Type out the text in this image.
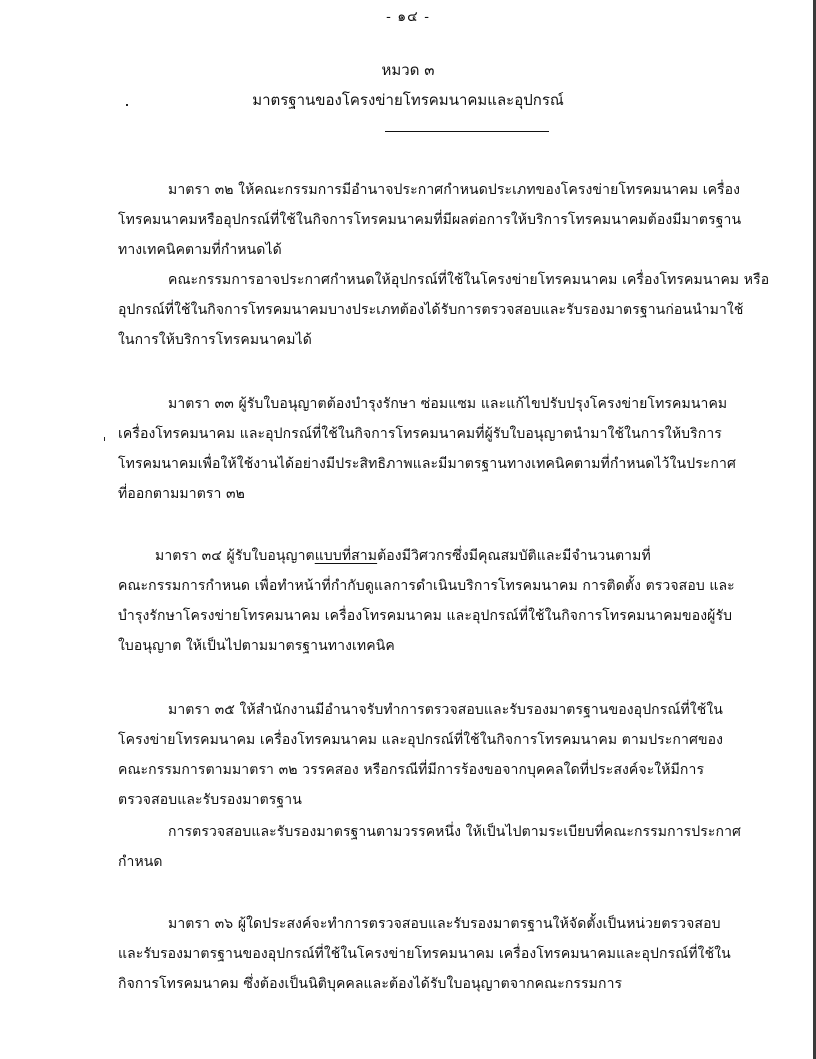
- ๑๔ -
หมวด ๓
มาตรฐานของโครงข่ายโทรคมนาคมและอุปกรณ์
มาตรา ๓๒ ให้คณะกรรมการมีอำนาจประกาศกำหนดประเภทของโครงข่ายโทรคมนาคม เครื่อง
โทรคมนาคมหรืออุปกรณ์ที่ใช้ในกิจการโทรคมนาคมที่มีผลต่อการให้บริการโทรคมนาคมต้องมีมาตรฐาน
ทางเทคนิคตามที่กำหนดได้
คณะกรรมการอาจประกาศกำหนดให้อุปกรณ์ที่ใช้ในโครงข่ายโทรคมนาคม เครื่องโทรคมนาคม หรือ
อุปกรณ์ที่ใช้ในกิจการโทรคมนาคมบางประเภทต้องได้รับการตรวจสอบและรับรองมาตรฐานก่อนนำมาใช้
ในการให้บริการโทรคมนาคมได้
มาตรา ๓๓ ผู้รับใบอนุญาตต้องบำรุงรักษา ซ่อมแซม และแก้ไขปรับปรุงโครงข่ายโทรคมนาคม
เครื่องโทรคมนาคม และอุปกรณ์ที่ใช้ในกิจการโทรคมนาคมที่ผู้รับใบอนุญาตนำมาใช้ในการให้บริการ
โทรคมนาคมเพื่อให้ใช้งานได้อย่างมีประสิทธิภาพและมีมาตรฐานทางเทคนิคตามที่กำหนดไว้ในประกาศ
ที่ออกตามมาตรา ๓๒
มาตรา ๓๔ ผู้รับใบอนุญาตแบบที่สามต้องมีวิศวกรซึ่งมีคุณสมบัติและมีจำนวนตามที่
คณะกรรมการกำหนด เพื่อทำหน้าที่กำกับดูแลการดำเนินบริการโทรคมนาคม การติดตั้ง ตรวจสอบ และ
บำรุงรักษาโครงข่ายโทรคมนาคม เครื่องโทรคมนาคม และอุปกรณ์ที่ใช้ในกิจการโทรคมนาคมของผู้รับ
ใบอนุญาต ให้เป็นไปตามมาตรฐานทางเทคนิค
มาตรา ๓๕ ให้สำนักงานมีอำนาจรับทำการตรวจสอบและรับรองมาตรฐานของอุปกรณ์ที่ใช้ใน
โครงข่ายโทรคมนาคม เครื่องโทรคมนาคม และอุปกรณ์ที่ใช้ในกิจการโทรคมนาคม ตามประกาศของ
คณะกรรมการตามมาตรา ๓๒ วรรคสอง หรือกรณีที่มีการร้องขอจากบุคคลใดที่ประสงค์จะให้มีการ
ตรวจสอบและรับรองมาตรฐาน
การตรวจสอบและรับรองมาตรฐานตามวรรคหนึ่ง ให้เป็นไปตามระเบียบที่คณะกรรมการประกาศ
กำหนด
มาตรา ๓๖ ผู้ใดประสงค์จะทำการตรวจสอบและรับรองมาตรฐานให้จัดตั้งเป็นหน่วยตรวจสอบ
และรับรองมาตรฐานของอุปกรณ์ที่ใช้ในโครงข่ายโทรคมนาคม เครื่องโทรคมนาคมและอุปกรณ์ที่ใช้ใน
กิจการโทรคมนาคม ซึ่งต้องเป็นนิติบุคคลและต้องได้รับใบอนุญาตจากคณะกรรมการ
